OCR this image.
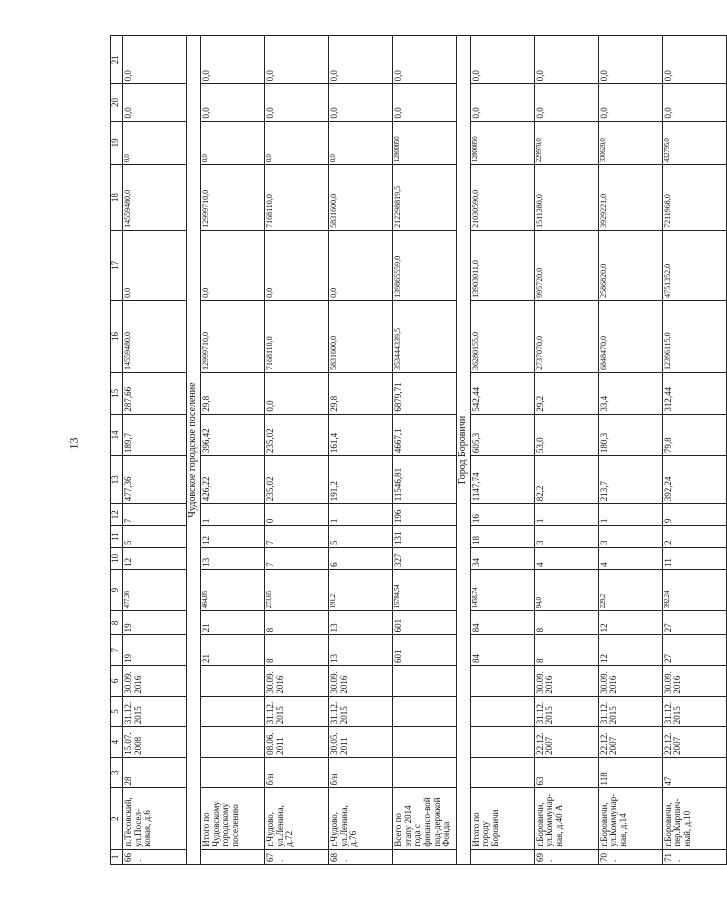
13
1	2	3	4	5	6	7	8	9	10	11	12	13	14	15	16	17	18	19	20	21
66.	п.Тёсовский, ул.Посел-ковая, д.6	28	15.07. 2008	31.12. 2015	30.09. 2016	19	19	477,36	12	5	7	477,36	189,7	287,66	14559480,0	0,0	14559480,0	0,0	0,0	0,0
Чудовское городское поселение																				
	Итого по Чудовскому городскому поселению					21	21	464,85	13	12	1	426,22	396,42	29,8	12999710,0	0,0	12999710,0	0,0	0,0	0,0
67.	г.Чудово, ул.Ленина, д.72	б/н	08.06. 2011	31.12. 2015	30.09. 2016	8	8	273,65	7	7	0	235,02	235,02	0,0	7168110,0	0,0	7168110,0	0,0	0,0	0,0
68.	г.Чудово, ул.Ленина, д.76	б/н	30.05. 2011	31.12. 2015	30.09. 2016	13	13	191,2	6	5	1	191,2	161,4	29,8	5831600,0	0,0	5831600,0	0,0	0,0	0,0
	Всего по этапу 2014 года с финансо-вой под-держкой Фонда					601	601	15784,54	327	131	196	11546,81	4667,1	6879,71	353444339,5	139865559,0	212298819,5	12800850	0,0	0,0
Город Боровичи																				
	Итого по городу Боровичи					84	84	1458,74	34	18	16	1147,74	605,3	542,44	36280155,0	13903011,0	21030590,0	12800850	0,0	0,0
69.	г.Боровичи, ул.Коммунар-ная, д.40 А	63	22.12. 2007	31.12. 2015	30.09. 2016	8	8	94,0	4	3	1	82,2	53,0	29,2	2737070,0	995720,0	1511380,0	229970,0	0,0	0,0
70.	г.Боровичи, ул.Коммунар-ная, д.14	118	22.12. 2007	31.12. 2015	30.09. 2016	12	12	229,2	4	3	1	213,7	180,3	33,4	6848470,0	2586820,0	3929221,0	330620,0	0,0	0,0
71.	г.Боровичи, пер.Кирпич-ный, д.10	47	22.12. 2007	31.12. 2015	30.09. 2016	27	27	392,24	11	2	9	392,24	79,8	312,44	12396115,0	4751352,0	7211968,0	432795,0	0,0	0,0
